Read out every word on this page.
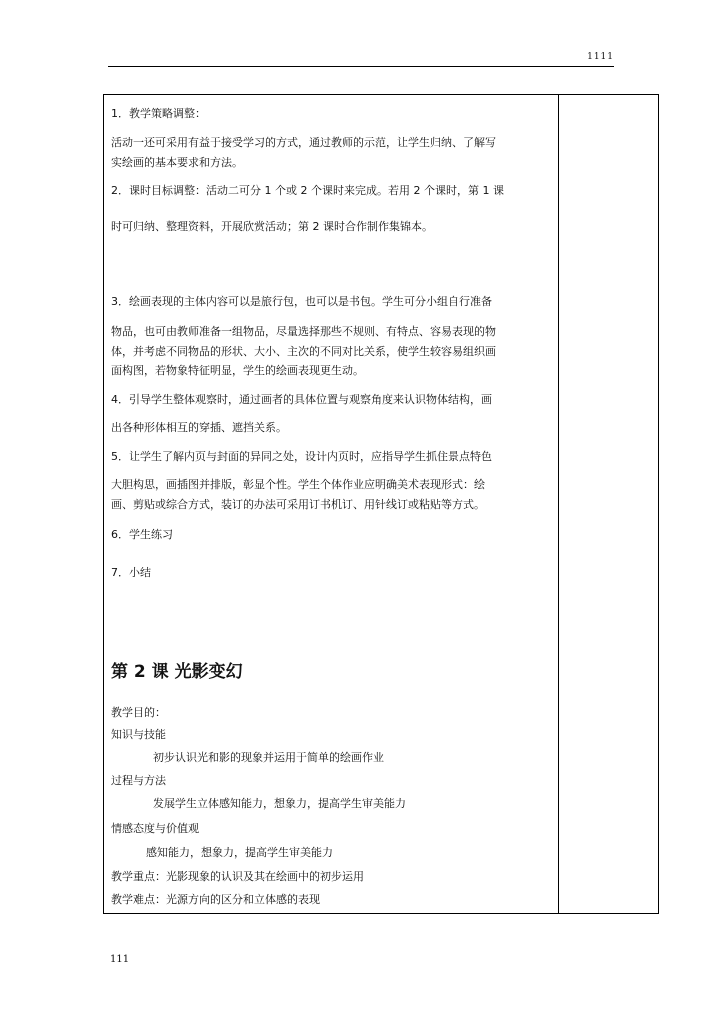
1111
1．教学策略调整：
活动一还可采用有益于接受学习的方式，通过教师的示范，让学生归纳、了解写
实绘画的基本要求和方法。
2．课时目标调整：活动二可分 1 个或 2 个课时来完成。若用 2 个课时，第 1 课
时可归纳、整理资料，开展欣赏活动；第 2 课时合作制作集锦本。
3．绘画表现的主体内容可以是旅行包，也可以是书包。学生可分小组自行准备
物品，也可由教师准备一组物品，尽量选择那些不规则、有特点、容易表现的物
体，并考虑不同物品的形状、大小、主次的不同对比关系，使学生较容易组织画
面构图，若物象特征明显，学生的绘画表现更生动。
4．引导学生整体观察时，通过画者的具体位置与观察角度来认识物体结构，画
出各种形体相互的穿插、遮挡关系。
5．让学生了解内页与封面的异同之处，设计内页时，应指导学生抓住景点特色
大胆构思，画插图并排版，彰显个性。学生个体作业应明确美术表现形式：绘
画、剪贴或综合方式，装订的办法可采用订书机订、用针线订或粘贴等方式。
6．学生练习
7．小结
第 2 课 光影变幻
教学目的：
知识与技能
初步认识光和影的现象并运用于简单的绘画作业
过程与方法
发展学生立体感知能力，想象力，提高学生审美能力
情感态度与价值观
感知能力，想象力，提高学生审美能力
教学重点：光影现象的认识及其在绘画中的初步运用
教学难点：光源方向的区分和立体感的表现
111
